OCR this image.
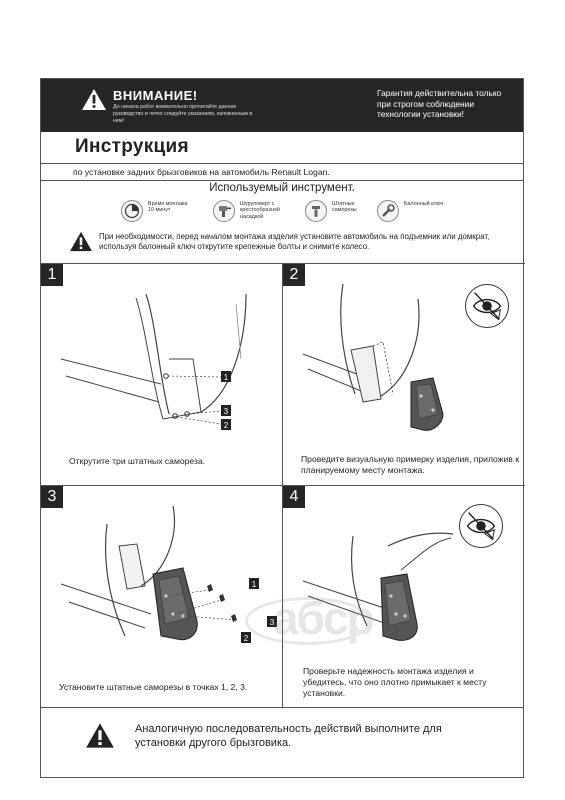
ВНИМАНИЕ!
До начала работ внимательно прочитайте данное руководство и четко следуйте указаниям, изложенным в нем!
Гарантия действительна только при строгом соблюдении технологии установки!
Инструкция
по установке задних брызговиков на автомобиль Renault Logan.
Используемый инструмент.
Время монтажа 10 минут
Шуруповерт с крестообразной насадкой
Штатные саморезы
Балонный ключ
При необходимости, перед началом монтажа изделия установите автомобиль на подъемник или домкрат, используя балонный ключ открутите крепежные болты и снимите колесо.
1
1
3
2
Открутите три штатных самореза.
2
Проведите визуальную примерку изделия, приложив к планируемому месту монтажа.
3
1
3
2
Установите штатные саморезы в точках 1, 2, 3.
4
Проверьте надежность монтажа изделия и убедитесь, что оно плотно примыкает к месту установки.
Аналогичную последовательность действий выполните для установки другого брызговика.
aбcp
